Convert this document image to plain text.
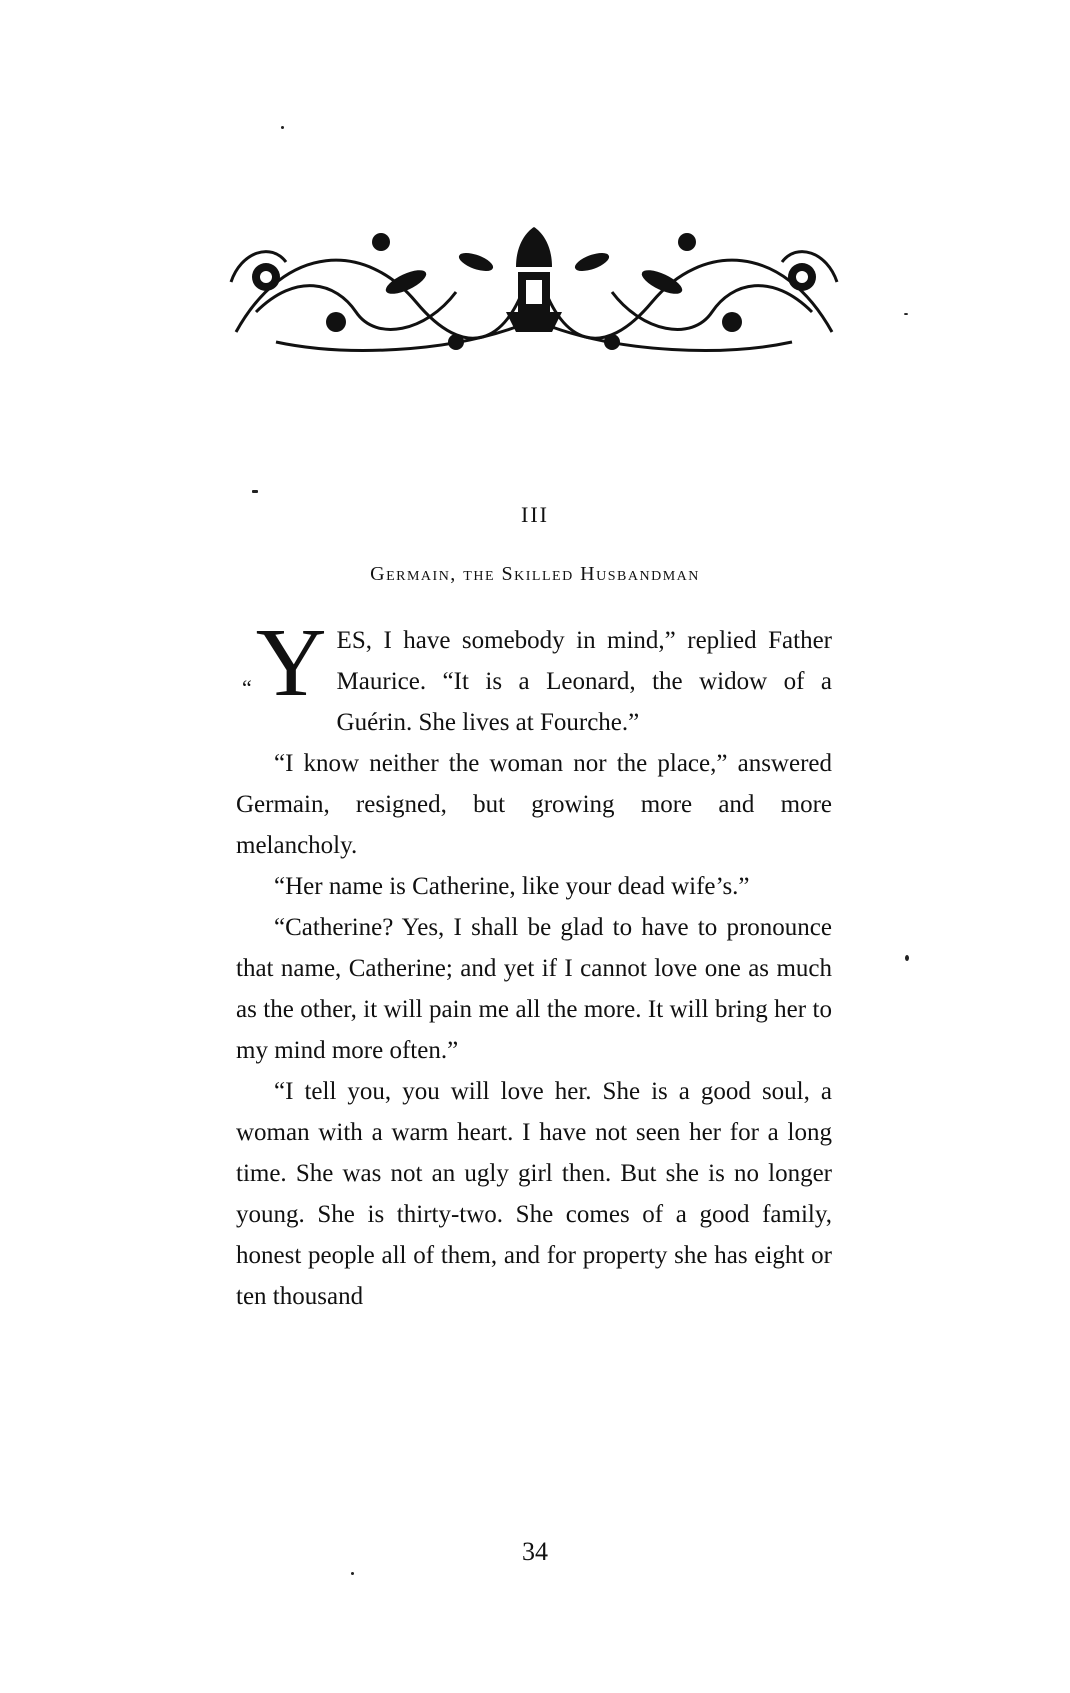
III
Germain, the Skilled Husbandman

“Y ES, I have somebody in mind,” replied Father Maurice. “It is a Leonard, the widow of a Guérin. She lives at Fourche.”

“I know neither the woman nor the place,” answered Germain, resigned, but growing more and more melancholy.

“Her name is Catherine, like your dead wife’s.”

“Catherine? Yes, I shall be glad to have to pronounce that name, Catherine; and yet if I cannot love one as much as the other, it will pain me all the more. It will bring her to my mind more often.”

“I tell you, you will love her. She is a good soul, a woman with a warm heart. I have not seen her for a long time. She was not an ugly girl then. But she is no longer young. She is thirty-two. She comes of a good family, honest people all of them, and for property she has eight or ten thousand

34
